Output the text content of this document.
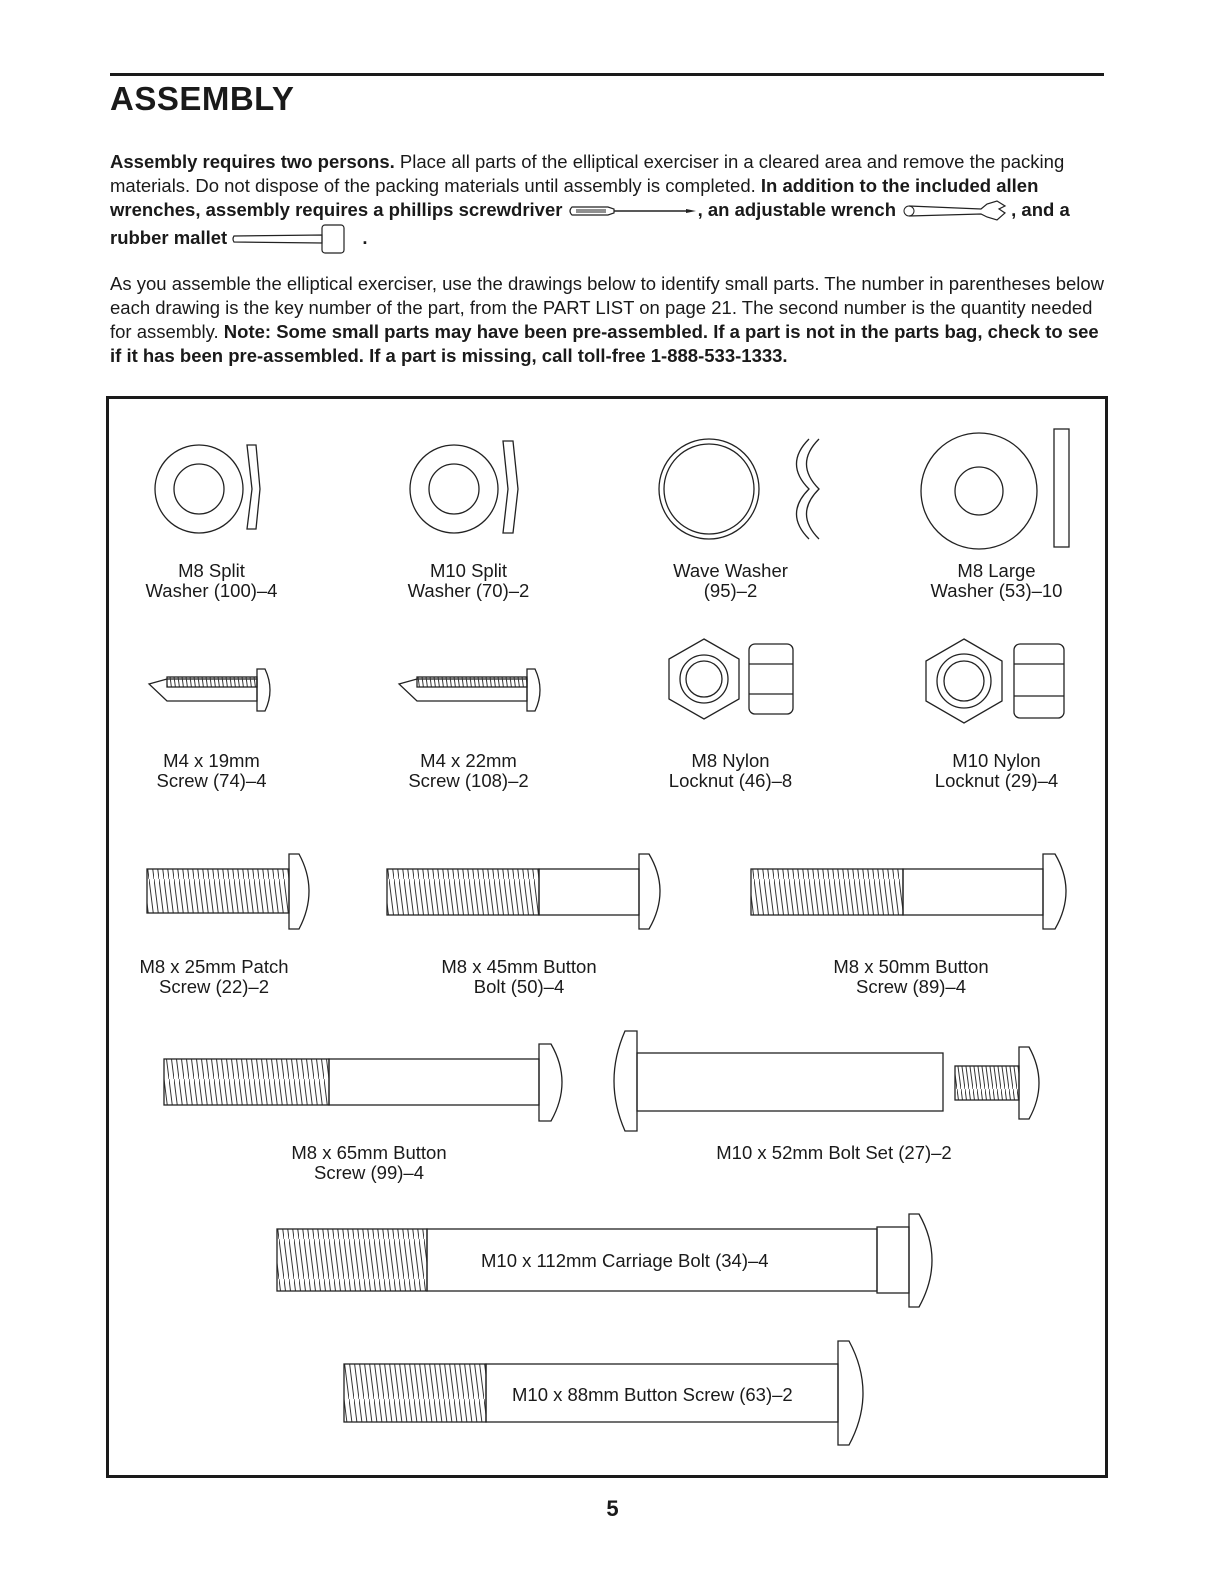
ASSEMBLY
Assembly requires two persons. Place all parts of the elliptical exerciser in a cleared area and remove the packing materials. Do not dispose of the packing materials until assembly is completed. In addition to the included allen wrenches, assembly requires a phillips screwdriver	, an adjustable wrench	, and a rubber mallet	.
As you assemble the elliptical exerciser, use the drawings below to identify small parts. The number in parentheses below each drawing is the key number of the part, from the PART LIST on page 21. The second number is the quantity needed for assembly. Note: Some small parts may have been pre-assembled. If a part is not in the parts bag, check to see if it has been pre-assembled. If a part is missing, call toll-free 1-888-533-1333.
M8 Split
Washer (100)–4
M10 Split
Washer (70)–2
Wave Washer
(95)–2
M8 Large
Washer (53)–10
M4 x 19mm
Screw (74)–4
M4 x 22mm
Screw (108)–2
M8 Nylon
Locknut (46)–8
M10 Nylon
Locknut (29)–4
M8 x 25mm Patch
Screw (22)–2
M8 x 45mm Button
Bolt (50)–4
M8 x 50mm Button
Screw (89)–4
M8 x 65mm Button
Screw (99)–4
M10 x 52mm Bolt Set (27)–2
M10 x 112mm Carriage Bolt (34)–4
M10 x 88mm Button Screw (63)–2
5
